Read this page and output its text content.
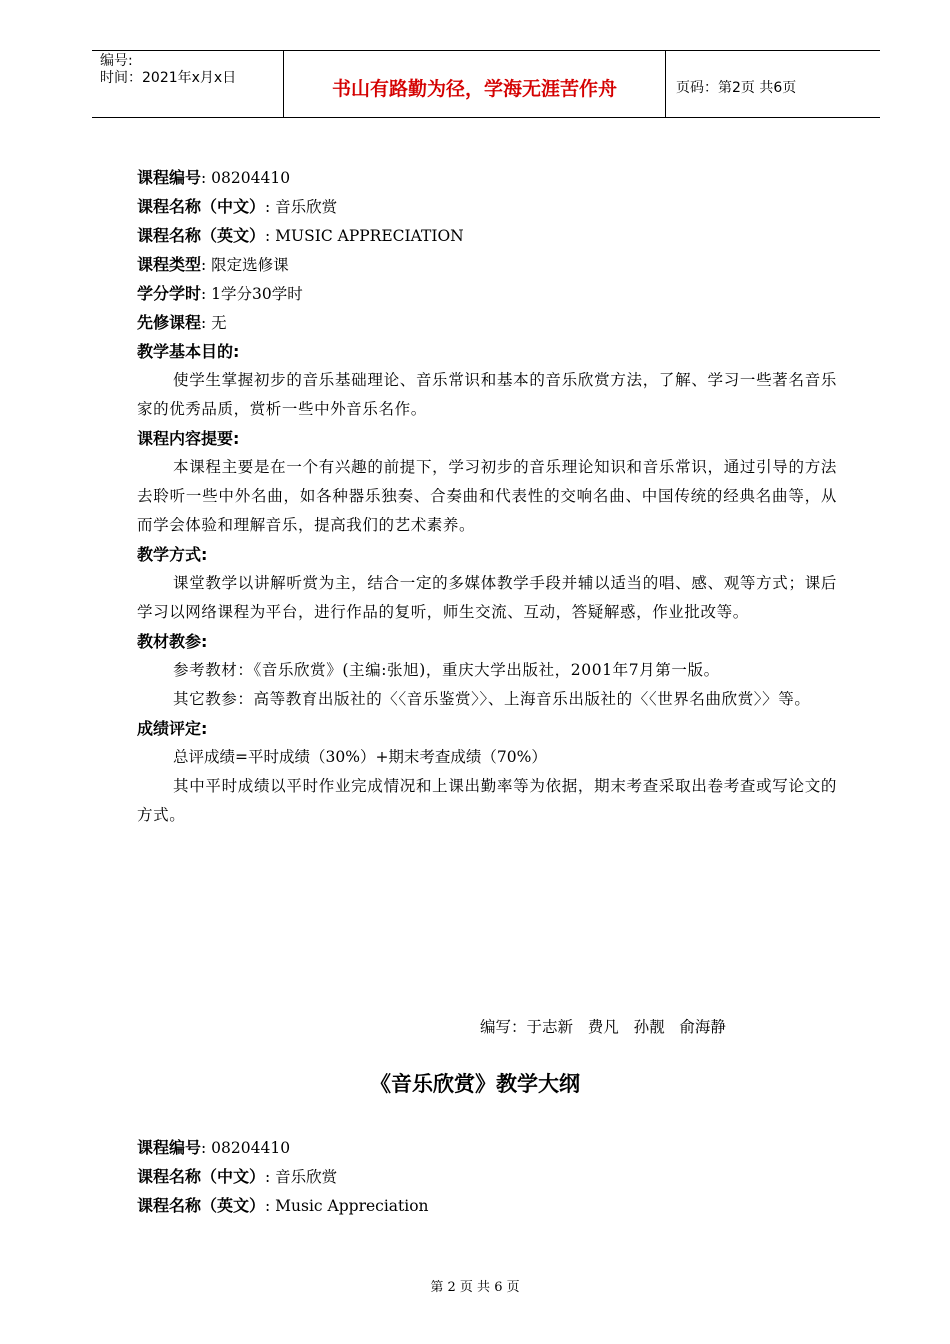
编号:
时间：2021年x月x日	书山有路勤为径，学海无涯苦作舟	页码：第2页 共6页
课程编号: 08204410
课程名称（中文）: 音乐欣赏
课程名称（英文）: MUSIC APPRECIATION
课程类型: 限定选修课
学分学时: 1学分30学时
先修课程: 无
教学基本目的:
使学生掌握初步的音乐基础理论、音乐常识和基本的音乐欣赏方法，了解、学习一些著名音乐家的优秀品质，赏析一些中外音乐名作。
课程内容提要:
本课程主要是在一个有兴趣的前提下，学习初步的音乐理论知识和音乐常识，通过引导的方法去聆听一些中外名曲，如各种器乐独奏、合奏曲和代表性的交响名曲、中国传统的经典名曲等，从而学会体验和理解音乐，提高我们的艺术素养。
教学方式:
课堂教学以讲解听赏为主，结合一定的多媒体教学手段并辅以适当的唱、感、观等方式；课后学习以网络课程为平台，进行作品的复听，师生交流、互动，答疑解惑，作业批改等。
教材教参:
参考教材：《音乐欣赏》(主编:张旭)，重庆大学出版社，2001年7月第一版。
其它教参：高等教育出版社的〈〈音乐鉴赏〉〉、上海音乐出版社的〈〈世界名曲欣赏〉〉等。
成绩评定:
总评成绩=平时成绩（30%）+期末考查成绩（70%）
其中平时成绩以平时作业完成情况和上课出勤率等为依据，期末考查采取出卷考查或写论文的方式。
编写：于志新   费凡   孙靓   俞海静
《音乐欣赏》教学大纲
课程编号: 08204410
课程名称（中文）: 音乐欣赏
课程名称（英文）: Music Appreciation
第 2 页 共 6 页
